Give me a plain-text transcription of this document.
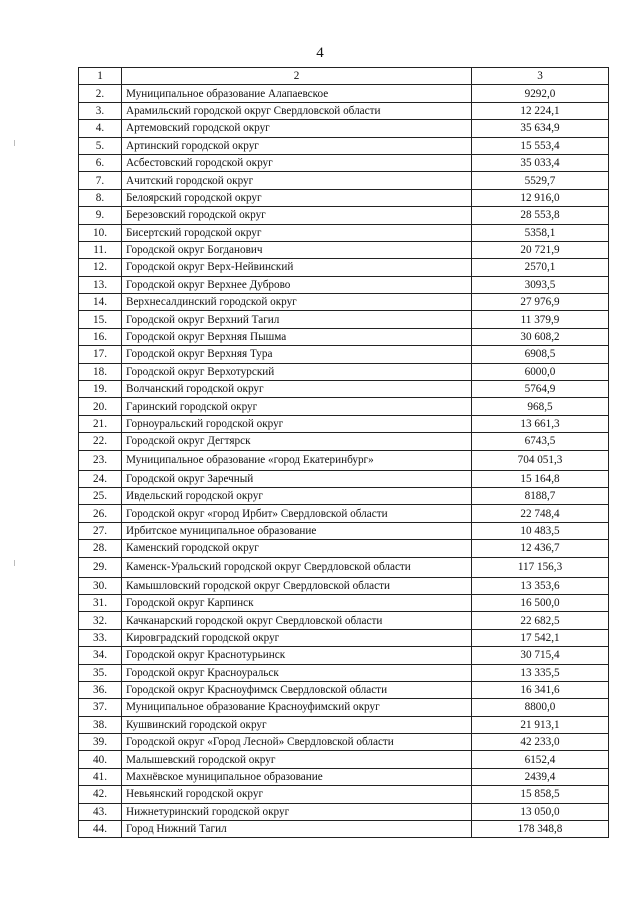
4
1	2	3
2.	Муниципальное образование Алапаевское	9292,0
3.	Арамильский городской округ Свердловской области	12 224,1
4.	Артемовский городской округ	35 634,9
5.	Артинский городской округ	15 553,4
6.	Асбестовский городской округ	35 033,4
7.	Ачитский городской округ	5529,7
8.	Белоярский городской округ	12 916,0
9.	Березовский городской округ	28 553,8
10.	Бисертский городской округ	5358,1
11.	Городской округ Богданович	20 721,9
12.	Городской округ Верх-Нейвинский	2570,1
13.	Городской округ Верхнее Дуброво	3093,5
14.	Верхнесалдинский городской округ	27 976,9
15.	Городской округ Верхний Тагил	11 379,9
16.	Городской округ Верхняя Пышма	30 608,2
17.	Городской округ Верхняя Тура	6908,5
18.	Городской округ Верхотурский	6000,0
19.	Волчанский городской округ	5764,9
20.	Гаринский городской округ	968,5
21.	Горноуральский городской округ	13 661,3
22.	Городской округ Дегтярск	6743,5
23.	Муниципальное образование «город Екатеринбург»	704 051,3
24.	Городской округ Заречный	15 164,8
25.	Ивдельский городской округ	8188,7
26.	Городской округ «город Ирбит» Свердловской области	22 748,4
27.	Ирбитское муниципальное образование	10 483,5
28.	Каменский городской округ	12 436,7
29.	Каменск-Уральский городской округ Свердловской области	117 156,3
30.	Камышловский городской округ Свердловской области	13 353,6
31.	Городской округ Карпинск	16 500,0
32.	Качканарский городской округ Свердловской области	22 682,5
33.	Кировградский городской округ	17 542,1
34.	Городской округ Краснотурьинск	30 715,4
35.	Городской округ Красноуральск	13 335,5
36.	Городской округ Красноуфимск Свердловской области	16 341,6
37.	Муниципальное образование Красноуфимский округ	8800,0
38.	Кушвинский городской округ	21 913,1
39.	Городской округ «Город Лесной» Свердловской области	42 233,0
40.	Малышевский городской округ	6152,4
41.	Махнёвское муниципальное образование	2439,4
42.	Невьянский городской округ	15 858,5
43.	Нижнетуринский городской округ	13 050,0
44.	Город Нижний Тагил	178 348,8
